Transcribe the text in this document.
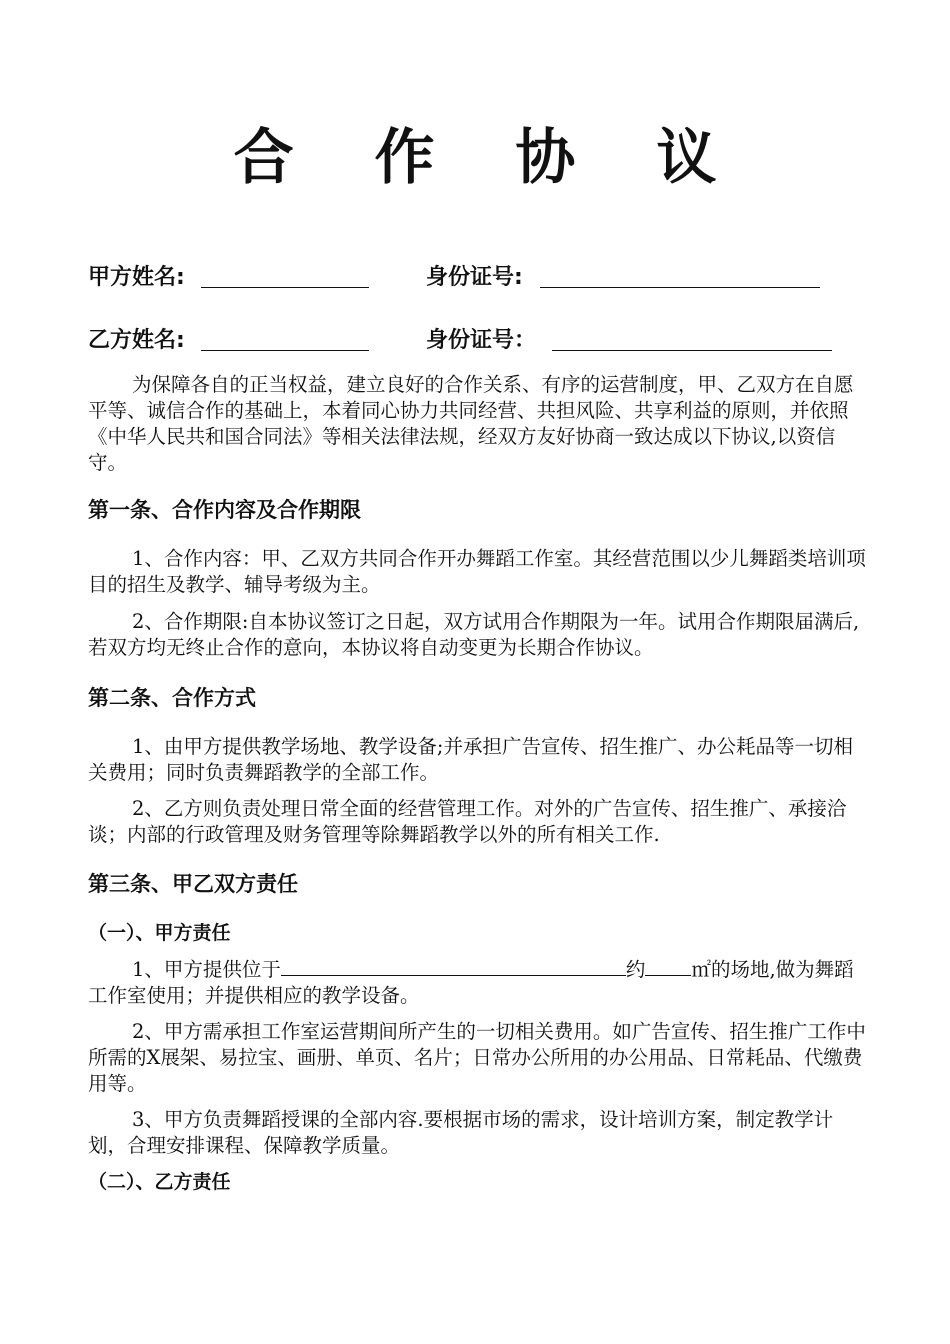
合 作 协 议
甲方姓名:	身份证号:
乙方姓名:	身份证号：

为保障各自的正当权益，建立良好的合作关系、有序的运营制度，甲、乙双方在自愿平等、诚信合作的基础上，本着同心协力共同经营、共担风险、共享利益的原则，并依照《中华人民共和国合同法》等相关法律法规，经双方友好协商一致达成以下协议,以资信守。

第一条、合作内容及合作期限

1、合作内容：甲、乙双方共同合作开办舞蹈工作室。其经营范围以少儿舞蹈类培训项目的招生及教学、辅导考级为主。

2、合作期限:自本协议签订之日起，双方试用合作期限为一年。试用合作期限届满后,若双方均无终止合作的意向，本协议将自动变更为长期合作协议。

第二条、合作方式

1、由甲方提供教学场地、教学设备;并承担广告宣传、招生推广、办公耗品等一切相关费用；同时负责舞蹈教学的全部工作。

2、乙方则负责处理日常全面的经营管理工作。对外的广告宣传、招生推广、承接洽谈；内部的行政管理及财务管理等除舞蹈教学以外的所有相关工作.

第三条、甲乙双方责任
（一）、甲方责任

1、甲方提供位于	约 ㎡的场地,做为舞蹈工作室使用；并提供相应的教学设备。

2、甲方需承担工作室运营期间所产生的一切相关费用。如广告宣传、招生推广工作中所需的X展架、易拉宝、画册、单页、名片；日常办公所用的办公用品、日常耗品、代缴费用等。

3、甲方负责舞蹈授课的全部内容.要根据市场的需求，设计培训方案，制定教学计划，合理安排课程、保障教学质量。

（二）、乙方责任
